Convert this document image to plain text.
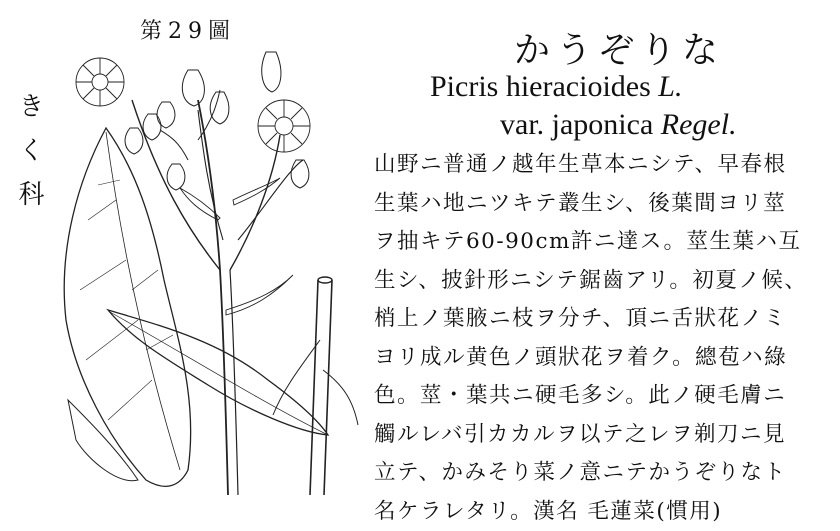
第29圖
きく科
かうぞりな
Picris hieracioides L.
var. japonica Regel.
山野ニ普通ノ越年生草本ニシテ、早春根
生葉ハ地ニツキテ叢生シ、後葉間ヨリ莖
ヲ抽キテ60-90cm許ニ達ス。莖生葉ハ互
生シ、披針形ニシテ鋸齒アリ。初夏ノ候、
梢上ノ葉腋ニ枝ヲ分チ、頂ニ舌狀花ノミ
ヨリ成ル黄色ノ頭狀花ヲ着ク。總苞ハ綠
色。莖・葉共ニ硬毛多シ。此ノ硬毛膚ニ
觸ルレバ引カカルヲ以テ之レヲ剃刀ニ見
立テ、かみそり菜ノ意ニテかうぞりなト
名ケラレタリ。漢名 毛蓮菜(慣用)
